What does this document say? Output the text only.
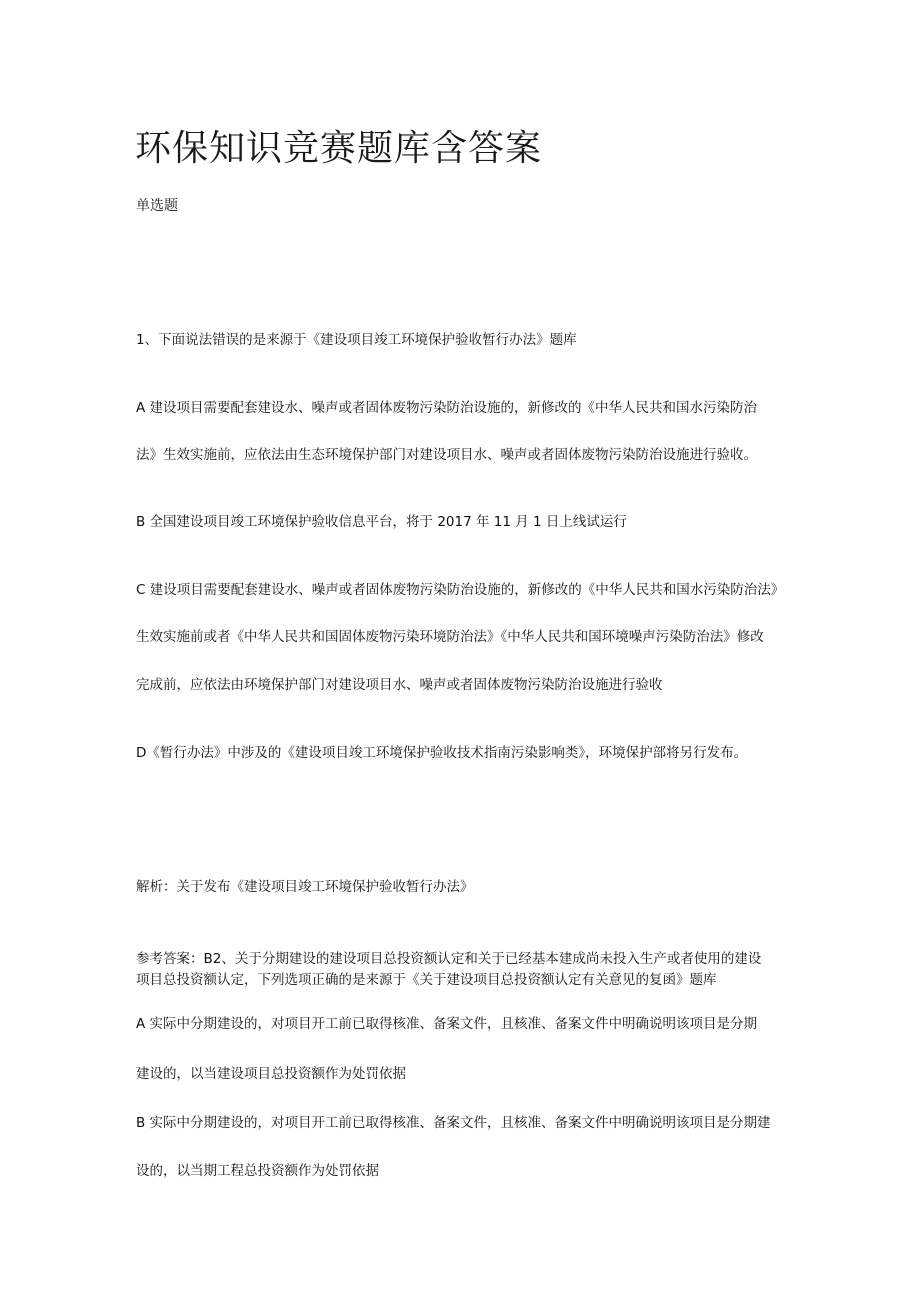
环保知识竞赛题库含答案
单选题
1、下面说法错误的是来源于《建设项目竣工环境保护验收暂行办法》题库
A 建设项目需要配套建设水、噪声或者固体废物污染防治设施的，新修改的《中华人民共和国水污染防治
法》生效实施前，应依法由生态环境保护部门对建设项目水、噪声或者固体废物污染防治设施进行验收。
B 全国建设项目竣工环境保护验收信息平台，将于 2017 年 11 月 1 日上线试运行
C 建设项目需要配套建设水、噪声或者固体废物污染防治设施的，新修改的《中华人民共和国水污染防治法》
生效实施前或者《中华人民共和国固体废物污染环境防治法》《中华人民共和国环境噪声污染防治法》修改
完成前，应依法由环境保护部门对建设项目水、噪声或者固体废物污染防治设施进行验收
D《暂行办法》中涉及的《建设项目竣工环境保护验收技术指南污染影响类》，环境保护部将另行发布。
解析：关于发布《建设项目竣工环境保护验收暂行办法》
参考答案：B2、关于分期建设的建设项目总投资额认定和关于已经基本建成尚未投入生产或者使用的建设
项目总投资额认定，下列选项正确的是来源于《关于建设项目总投资额认定有关意见的复函》题库
A 实际中分期建设的，对项目开工前已取得核准、备案文件，且核准、备案文件中明确说明该项目是分期
建设的，以当建设项目总投资额作为处罚依据
B 实际中分期建设的，对项目开工前已取得核准、备案文件，且核准、备案文件中明确说明该项目是分期建
设的，以当期工程总投资额作为处罚依据
